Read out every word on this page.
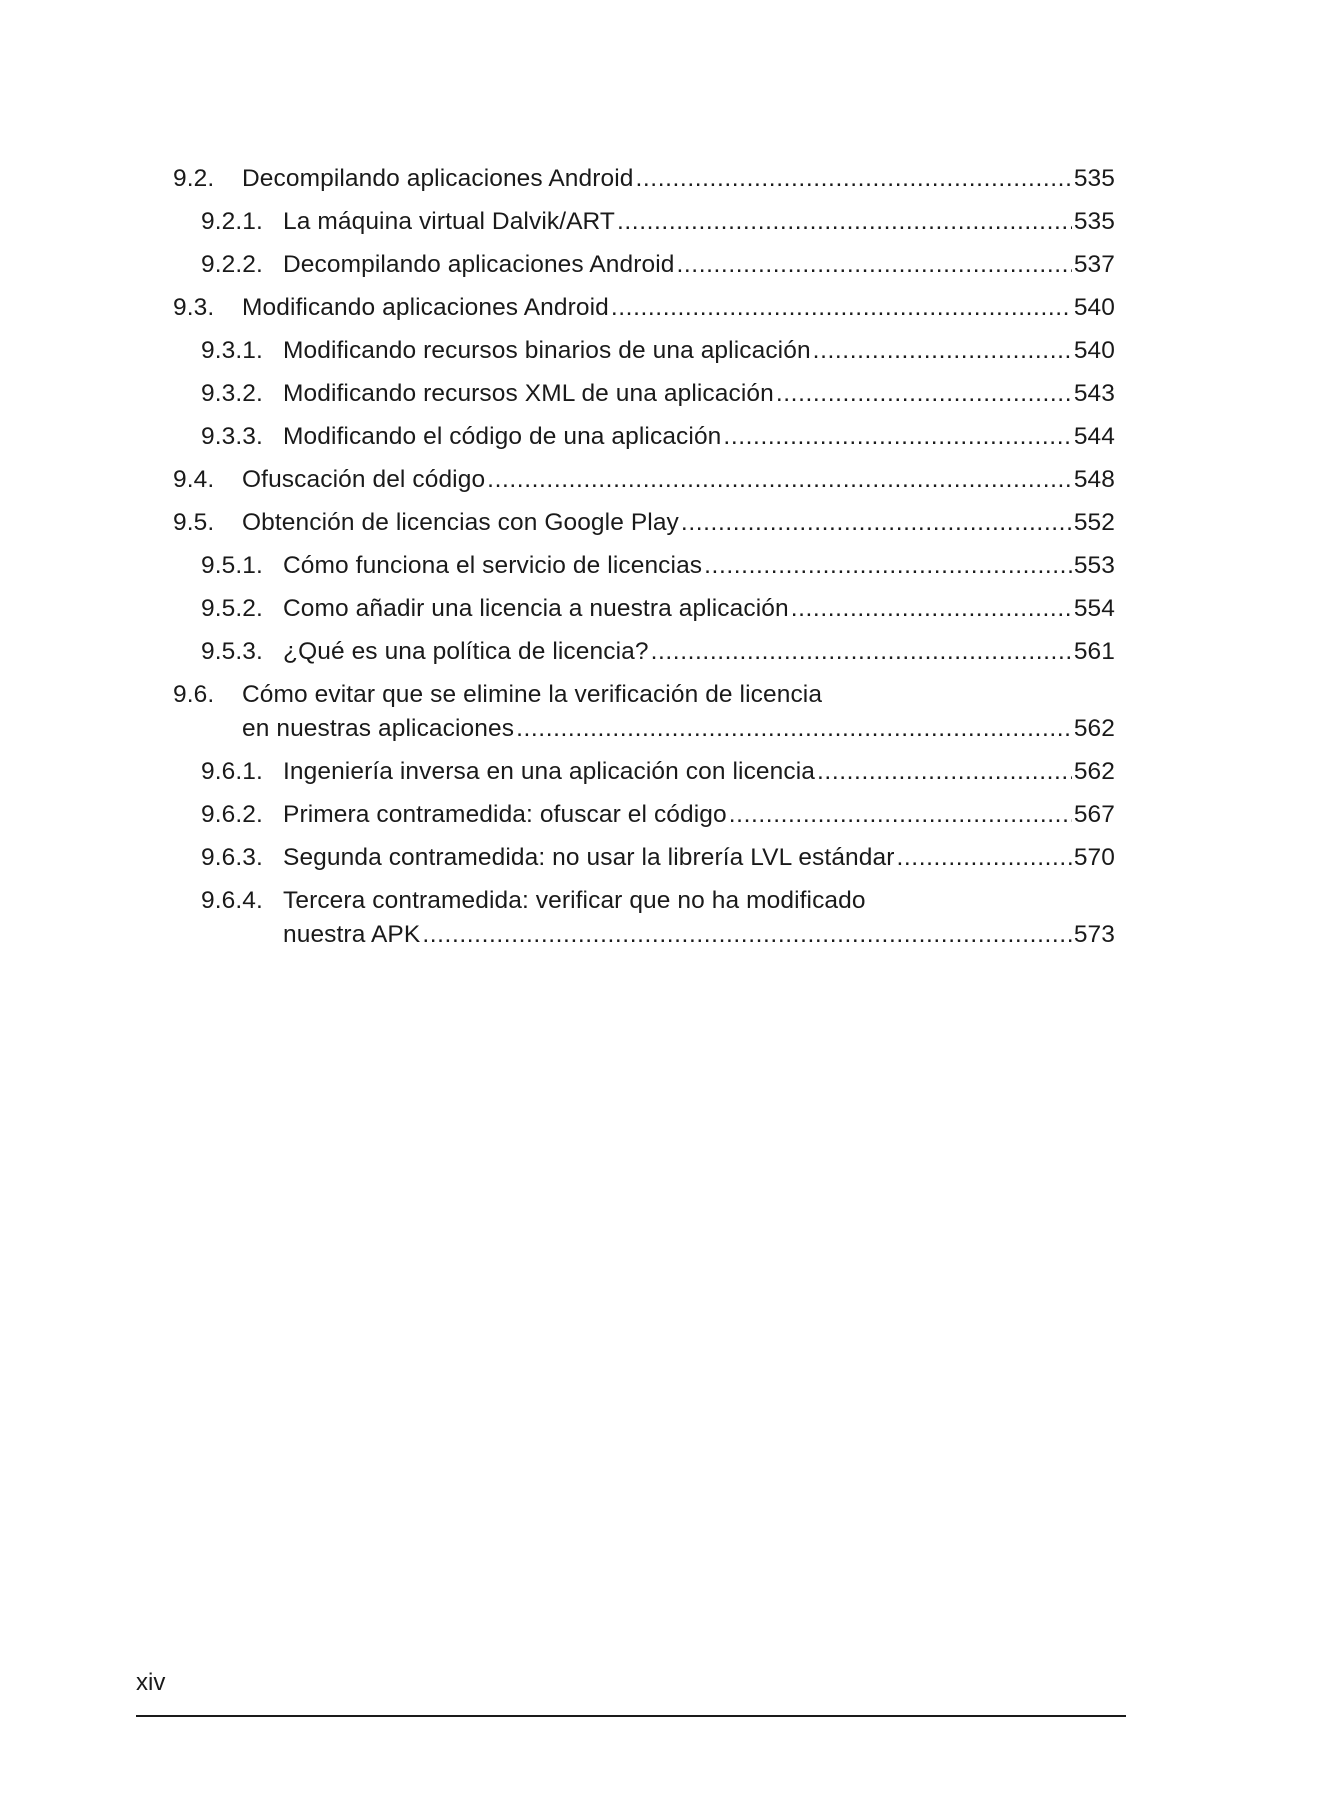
9.2. Decompilando aplicaciones Android .....	535
9.2.1. La máquina virtual Dalvik/ART .....	535
9.2.2. Decompilando aplicaciones Android .....	537
9.3. Modificando aplicaciones Android .....	540
9.3.1. Modificando recursos binarios de una aplicación .....	540
9.3.2. Modificando recursos XML de una aplicación .....	543
9.3.3. Modificando el código de una aplicación .....	544
9.4. Ofuscación del código .....	548
9.5. Obtención de licencias con Google Play .....	552
9.5.1. Cómo funciona el servicio de licencias .....	553
9.5.2. Como añadir una licencia a nuestra aplicación .....	554
9.5.3. ¿Qué es una política de licencia? .....	561
9.6. Cómo evitar que se elimine la verificación de licencia
en nuestras aplicaciones .....	562
9.6.1. Ingeniería inversa en una aplicación con licencia .....	562
9.6.2. Primera contramedida: ofuscar el código .....	567
9.6.3. Segunda contramedida: no usar la librería LVL estándar .....	570
9.6.4. Tercera contramedida: verificar que no ha modificado
nuestra APK .....	573
xiv
